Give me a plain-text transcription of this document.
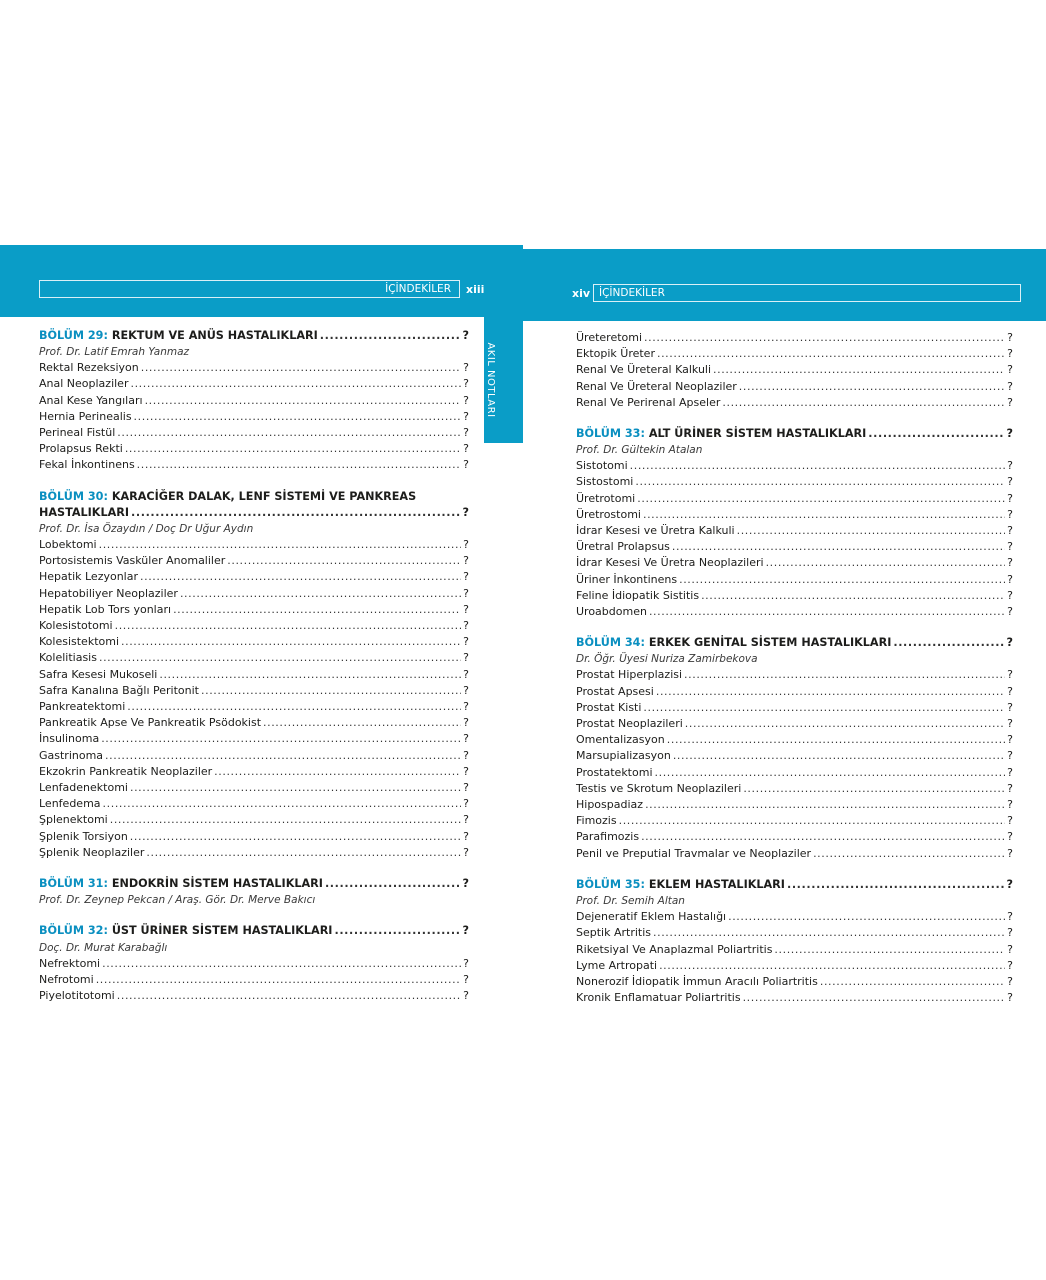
İÇİNDEKİLER	xiii	xiv İÇİNDEKİLER
AKIL NOTLARI
BÖLÜM 29: REKTUM VE ANÜS HASTALIKLARI .....	?
Prof. Dr. Latif Emrah Yanmaz
Rektal Rezeksiyon .....	?
Anal Neoplaziler .....	?
Anal Kese Yangıları .....	?
Hernia Perinealis .....	?
Perineal Fistül .....	?
Prolapsus Rekti .....	?
Fekal İnkontinens .....	?
BÖLÜM 30: KARACİĞER DALAK, LENF SİSTEMİ VE PANKREAS
HASTALIKLARI .....	?
Prof. Dr. İsa Özaydın / Doç Dr Uğur Aydın
Lobektomi .....	?
Portosistemis Vasküler Anomaliler .....	?
Hepatik Lezyonlar .....	?
Hepatobiliyer Neoplaziler .....	?
Hepatik Lob Tors yonları .....	?
Kolesistotomi .....	?
Kolesistektomi .....	?
Kolelitiasis .....	?
Safra Kesesi Mukoseli .....	?
Safra Kanalına Bağlı Peritonit .....	?
Pankreatektomi .....	?
Pankreatik Apse Ve Pankreatik Psödokist .....	?
İnsulinoma .....	?
Gastrinoma .....	?
Ekzokrin Pankreatik Neoplaziler .....	?
Lenfadenektomi .....	?
Lenfedema .....	?
Şplenektomi .....	?
Şplenik Torsiyon .....	?
Şplenik Neoplaziler .....	?
BÖLÜM 31: ENDOKRİN SİSTEM HASTALIKLARI .....	?
Prof. Dr. Zeynep Pekcan / Araş. Gör. Dr. Merve Bakıcı
BÖLÜM 32: ÜST ÜRİNER SİSTEM HASTALIKLARI .....	?
Doç. Dr. Murat Karabağlı
Nefrektomi .....	?
Nefrotomi .....	?
Piyelotitotomi .....	?
Üreteretomi .....	?
Ektopik Üreter .....	?
Renal Ve Üreteral Kalkuli .....	?
Renal Ve Üreteral Neoplaziler .....	?
Renal Ve Perirenal Apseler .....	?
BÖLÜM 33: ALT ÜRİNER SİSTEM HASTALIKLARI .....	?
Prof. Dr. Gültekin Atalan
Sistotomi .....	?
Sistostomi .....	?
Üretrotomi .....	?
Üretrostomi .....	?
İdrar Kesesi ve Üretra Kalkuli .....	?
Üretral Prolapsus .....	?
İdrar Kesesi Ve Üretra Neoplazileri .....	?
Üriner İnkontinens .....	?
Feline İdiopatik Sistitis .....	?
Uroabdomen .....	?
BÖLÜM 34: ERKEK GENİTAL SİSTEM HASTALIKLARI .....	?
Dr. Öğr. Üyesi Nuriza Zamirbekova
Prostat Hiperplazisi .....	?
Prostat Apsesi .....	?
Prostat Kisti .....	?
Prostat Neoplazileri .....	?
Omentalizasyon .....	?
Marsupializasyon .....	?
Prostatektomi .....	?
Testis ve Skrotum Neoplazileri .....	?
Hipospadiaz .....	?
Fimozis .....	?
Parafimozis .....	?
Penil ve Preputial Travmalar ve Neoplaziler .....	?
BÖLÜM 35: EKLEM HASTALIKLARI .....	?
Prof. Dr. Semih Altan
Dejeneratif Eklem Hastalığı .....	?
Septik Artritis .....	?
Riketsiyal Ve Anaplazmal Poliartritis .....	?
Lyme Artropati .....	?
Nonerozif İdiopatik İmmun Aracılı Poliartritis .....	?
Kronik Enflamatuar Poliartritis .....	?
